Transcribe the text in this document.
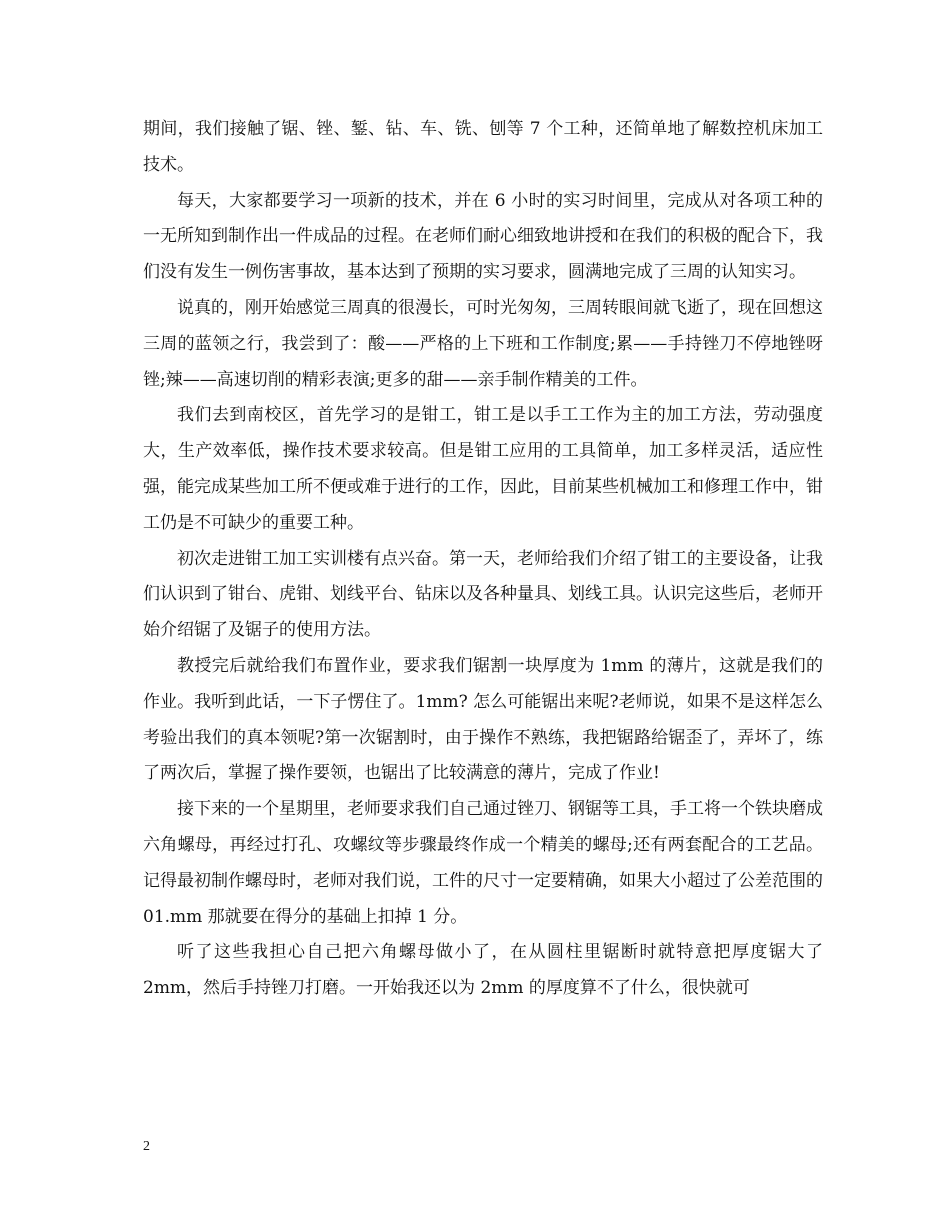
期间，我们接触了锯、锉、錾、钻、车、铣、刨等 7 个工种，还简单地了解数控机床加工技术。

每天，大家都要学习一项新的技术，并在 6 小时的实习时间里，完成从对各项工种的一无所知到制作出一件成品的过程。在老师们耐心细致地讲授和在我们的积极的配合下，我们没有发生一例伤害事故，基本达到了预期的实习要求，圆满地完成了三周的认知实习。

说真的，刚开始感觉三周真的很漫长，可时光匆匆，三周转眼间就飞逝了，现在回想这三周的蓝领之行，我尝到了：酸——严格的上下班和工作制度;累——手持锉刀不停地锉呀锉;辣——高速切削的精彩表演;更多的甜——亲手制作精美的工件。

我们去到南校区，首先学习的是钳工，钳工是以手工工作为主的加工方法，劳动强度大，生产效率低，操作技术要求较高。但是钳工应用的工具简单，加工多样灵活，适应性强，能完成某些加工所不便或难于进行的工作，因此，目前某些机械加工和修理工作中，钳工仍是不可缺少的重要工种。

初次走进钳工加工实训楼有点兴奋。第一天，老师给我们介绍了钳工的主要设备，让我们认识到了钳台、虎钳、划线平台、钻床以及各种量具、划线工具。认识完这些后，老师开始介绍锯了及锯子的使用方法。

教授完后就给我们布置作业，要求我们锯割一块厚度为 1mm 的薄片，这就是我们的作业。我听到此话，一下子愣住了。1mm? 怎么可能锯出来呢?老师说，如果不是这样怎么考验出我们的真本领呢?第一次锯割时，由于操作不熟练，我把锯路给锯歪了，弄坏了，练了两次后，掌握了操作要领，也锯出了比较满意的薄片，完成了作业!

接下来的一个星期里，老师要求我们自己通过锉刀、钢锯等工具，手工将一个铁块磨成六角螺母，再经过打孔、攻螺纹等步骤最终作成一个精美的螺母;还有两套配合的工艺品。记得最初制作螺母时，老师对我们说，工件的尺寸一定要精确，如果大小超过了公差范围的 01.mm 那就要在得分的基础上扣掉 1 分。

听了这些我担心自己把六角螺母做小了，在从圆柱里锯断时就特意把厚度锯大了 2mm，然后手持锉刀打磨。一开始我还以为 2mm 的厚度算不了什么，很快就可

2
